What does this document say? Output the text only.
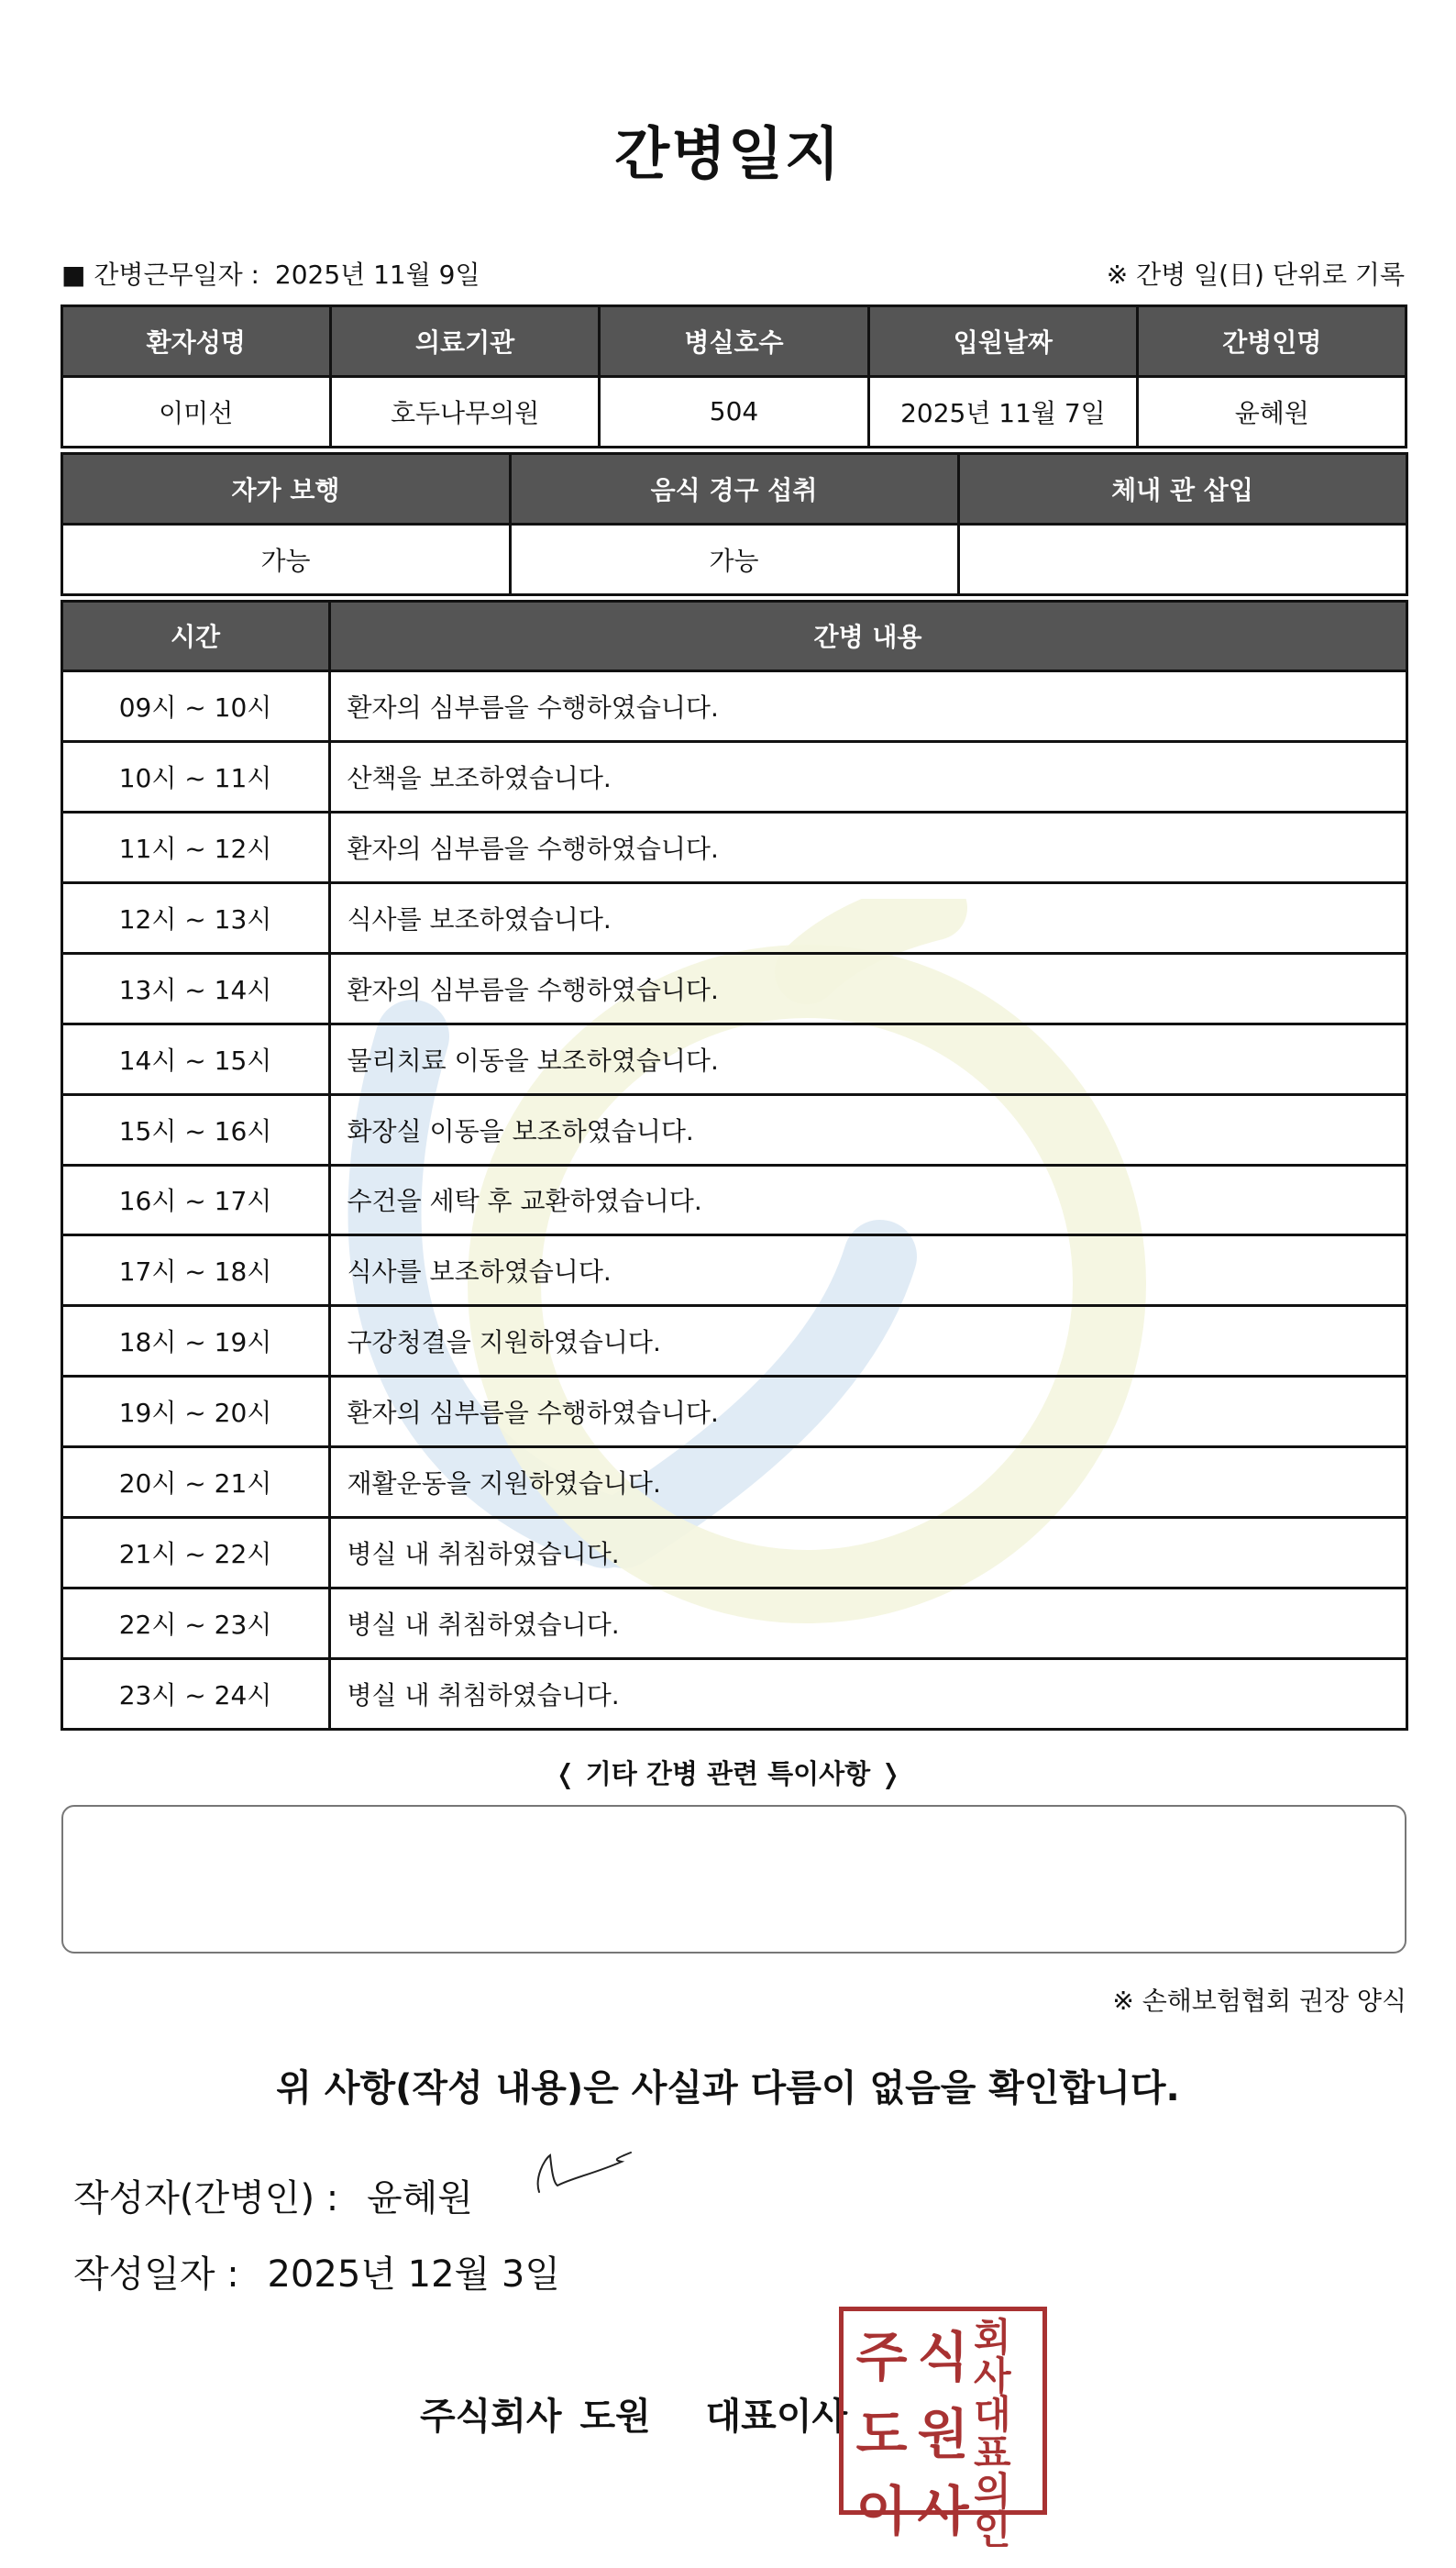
간병일지
■ 간병근무일자 : 2025년 11월 9일	※ 간병 일(日) 단위로 기록
환자성명	의료기관	병실호수	입원날짜	간병인명
이미선	호두나무의원	504	2025년 11월 7일	윤혜원
자가 보행	음식 경구 섭취	체내 관 삽입
가능	가능
시간	간병 내용
09시 ~ 10시	환자의 심부름을 수행하였습니다.
10시 ~ 11시	산책을 보조하였습니다.
11시 ~ 12시	환자의 심부름을 수행하였습니다.
12시 ~ 13시	식사를 보조하였습니다.
13시 ~ 14시	환자의 심부름을 수행하였습니다.
14시 ~ 15시	물리치료 이동을 보조하였습니다.
15시 ~ 16시	화장실 이동을 보조하였습니다.
16시 ~ 17시	수건을 세탁 후 교환하였습니다.
17시 ~ 18시	식사를 보조하였습니다.
18시 ~ 19시	구강청결을 지원하였습니다.
19시 ~ 20시	환자의 심부름을 수행하였습니다.
20시 ~ 21시	재활운동을 지원하였습니다.
21시 ~ 22시	병실 내 취침하였습니다.
22시 ~ 23시	병실 내 취침하였습니다.
23시 ~ 24시	병실 내 취침하였습니다.
❬ 기타 간병 관련 특이사항 ❭
※ 손해보험협회 권장 양식
위 사항(작성 내용)은 사실과 다름이 없음을 확인합니다.
작성자(간병인) : 윤혜원
작성일자 : 2025년 12월 3일
주식회사 도원   대표이사
주 식 회사
도 원 대표
이 사 의인
